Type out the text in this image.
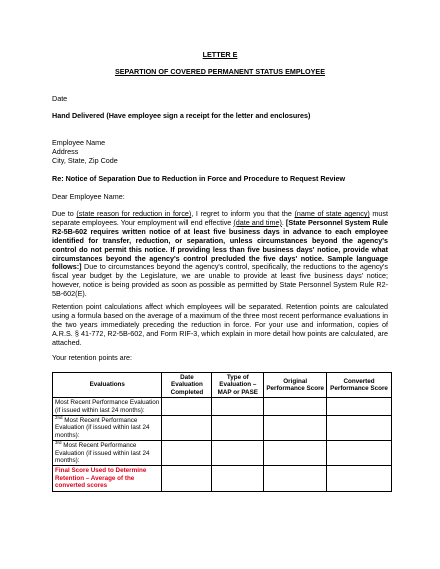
LETTER E
SEPARTION OF COVERED PERMANENT STATUS EMPLOYEE
Date
Hand Delivered (Have employee sign a receipt for the letter and enclosures)
Employee Name
Address
City, State, Zip Code
Re: Notice of Separation Due to Reduction in Force and Procedure to Request Review
Dear Employee Name:
Due to (state reason for reduction in force), I regret to inform you that the (name of state agency) must separate employees. Your employment will end effective (date and time). [State Personnel System Rule R2-5B-602 requires written notice of at least five business days in advance to each employee identified for transfer, reduction, or separation, unless circumstances beyond the agency's control do not permit this notice. If providing less than five business days' notice, provide what circumstances beyond the agency's control precluded the five days' notice. Sample language follows:] Due to circumstances beyond the agency's control, specifically, the reductions to the agency's fiscal year budget by the Legislature, we are unable to provide at least five business days' notice; however, notice is being provided as soon as possible as permitted by State Personnel System Rule R2-5B-602(E).
Retention point calculations affect which employees will be separated. Retention points are calculated using a formula based on the average of a maximum of the three most recent performance evaluations in the two years immediately preceding the reduction in force. For your use and information, copies of A.R.S. § 41-772, R2-5B-602, and Form RIF-3, which explain in more detail how points are calculated, are attached.
Your retention points are:
Evaluations	Date Evaluation Completed	Type of Evaluation – MAP or PASE	Original Performance Score	Converted Performance Score
Most Recent Performance Evaluation (if issued within last 24 months):				
$^{2nd}$ Most Recent Performance Evaluation (if issued within last 24 months):				
$^{3rd}$ Most Recent Performance Evaluation (if issued within last 24 months):				
Final Score Used to Determine Retention – Average of the converted scores				
